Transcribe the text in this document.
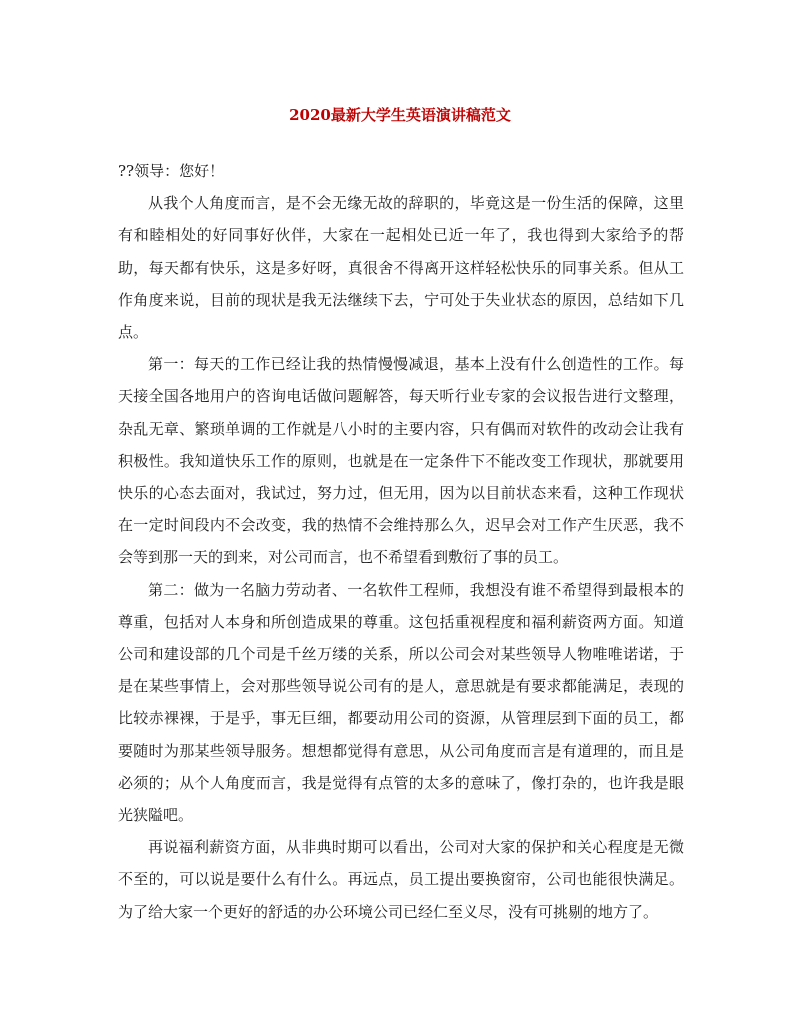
2020最新大学生英语演讲稿范文

??领导：您好！

从我个人角度而言，是不会无缘无故的辞职的，毕竟这是一份生活的保障，这里有和睦相处的好同事好伙伴，大家在一起相处已近一年了，我也得到大家给予的帮助，每天都有快乐，这是多好呀，真很舍不得离开这样轻松快乐的同事关系。但从工作角度来说，目前的现状是我无法继续下去，宁可处于失业状态的原因，总结如下几点。

第一：每天的工作已经让我的热情慢慢减退，基本上没有什么创造性的工作。每天接全国各地用户的咨询电话做问题解答，每天听行业专家的会议报告进行文整理，杂乱无章、繁琐单调的工作就是八小时的主要内容，只有偶而对软件的改动会让我有积极性。我知道快乐工作的原则，也就是在一定条件下不能改变工作现状，那就要用快乐的心态去面对，我试过，努力过，但无用，因为以目前状态来看，这种工作现状在一定时间段内不会改变，我的热情不会维持那么久，迟早会对工作产生厌恶，我不会等到那一天的到来，对公司而言，也不希望看到敷衍了事的员工。

第二：做为一名脑力劳动者、一名软件工程师，我想没有谁不希望得到最根本的尊重，包括对人本身和所创造成果的尊重。这包括重视程度和福利薪资两方面。知道公司和建设部的几个司是千丝万缕的关系，所以公司会对某些领导人物唯唯诺诺，于是在某些事情上，会对那些领导说公司有的是人，意思就是有要求都能满足，表现的比较赤裸裸，于是乎，事无巨细，都要动用公司的资源，从管理层到下面的员工，都要随时为那某些领导服务。想想都觉得有意思，从公司角度而言是有道理的，而且是必须的；从个人角度而言，我是觉得有点管的太多的意味了，像打杂的，也许我是眼光狭隘吧。

再说福利薪资方面，从非典时期可以看出，公司对大家的保护和关心程度是无微不至的，可以说是要什么有什么。再远点，员工提出要换窗帘，公司也能很快满足。为了给大家一个更好的舒适的办公环境公司已经仁至义尽，没有可挑剔的地方了。
